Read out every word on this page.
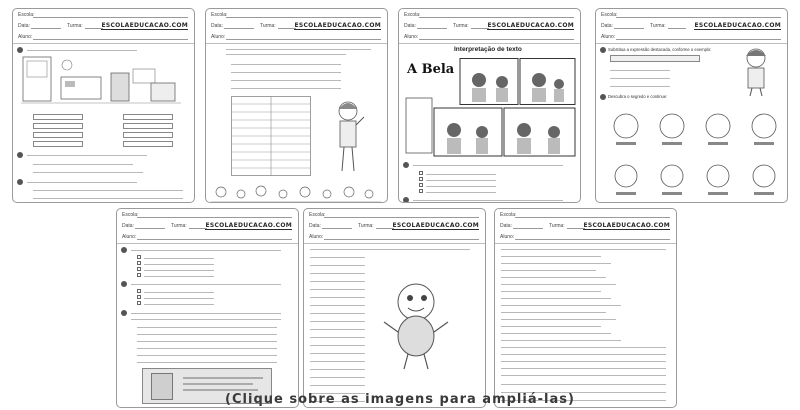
Escola:
Data:	Turma:	ESCOLAEDUCACAO.COM
Aluno:
Escola:
Data:	Turma:	ESCOLAEDUCACAO.COM
Aluno:
Escola:
Data:	Turma:	ESCOLAEDUCACAO.COM
Aluno:
Interpretação de texto
A Bela
Escola:
Data:	Turma:	ESCOLAEDUCACAO.COM
Aluno:
Substitua a expressão destacada, conforme o exemplo:
Descubra o segredo e continue:
Escola:
Data:	Turma:	ESCOLAEDUCACAO.COM
Aluno:
Escola:
Data:	Turma:	ESCOLAEDUCACAO.COM
Aluno:
Escola:
Data:	Turma:	ESCOLAEDUCACAO.COM
Aluno:
(Clique sobre as imagens para ampliá-las)
